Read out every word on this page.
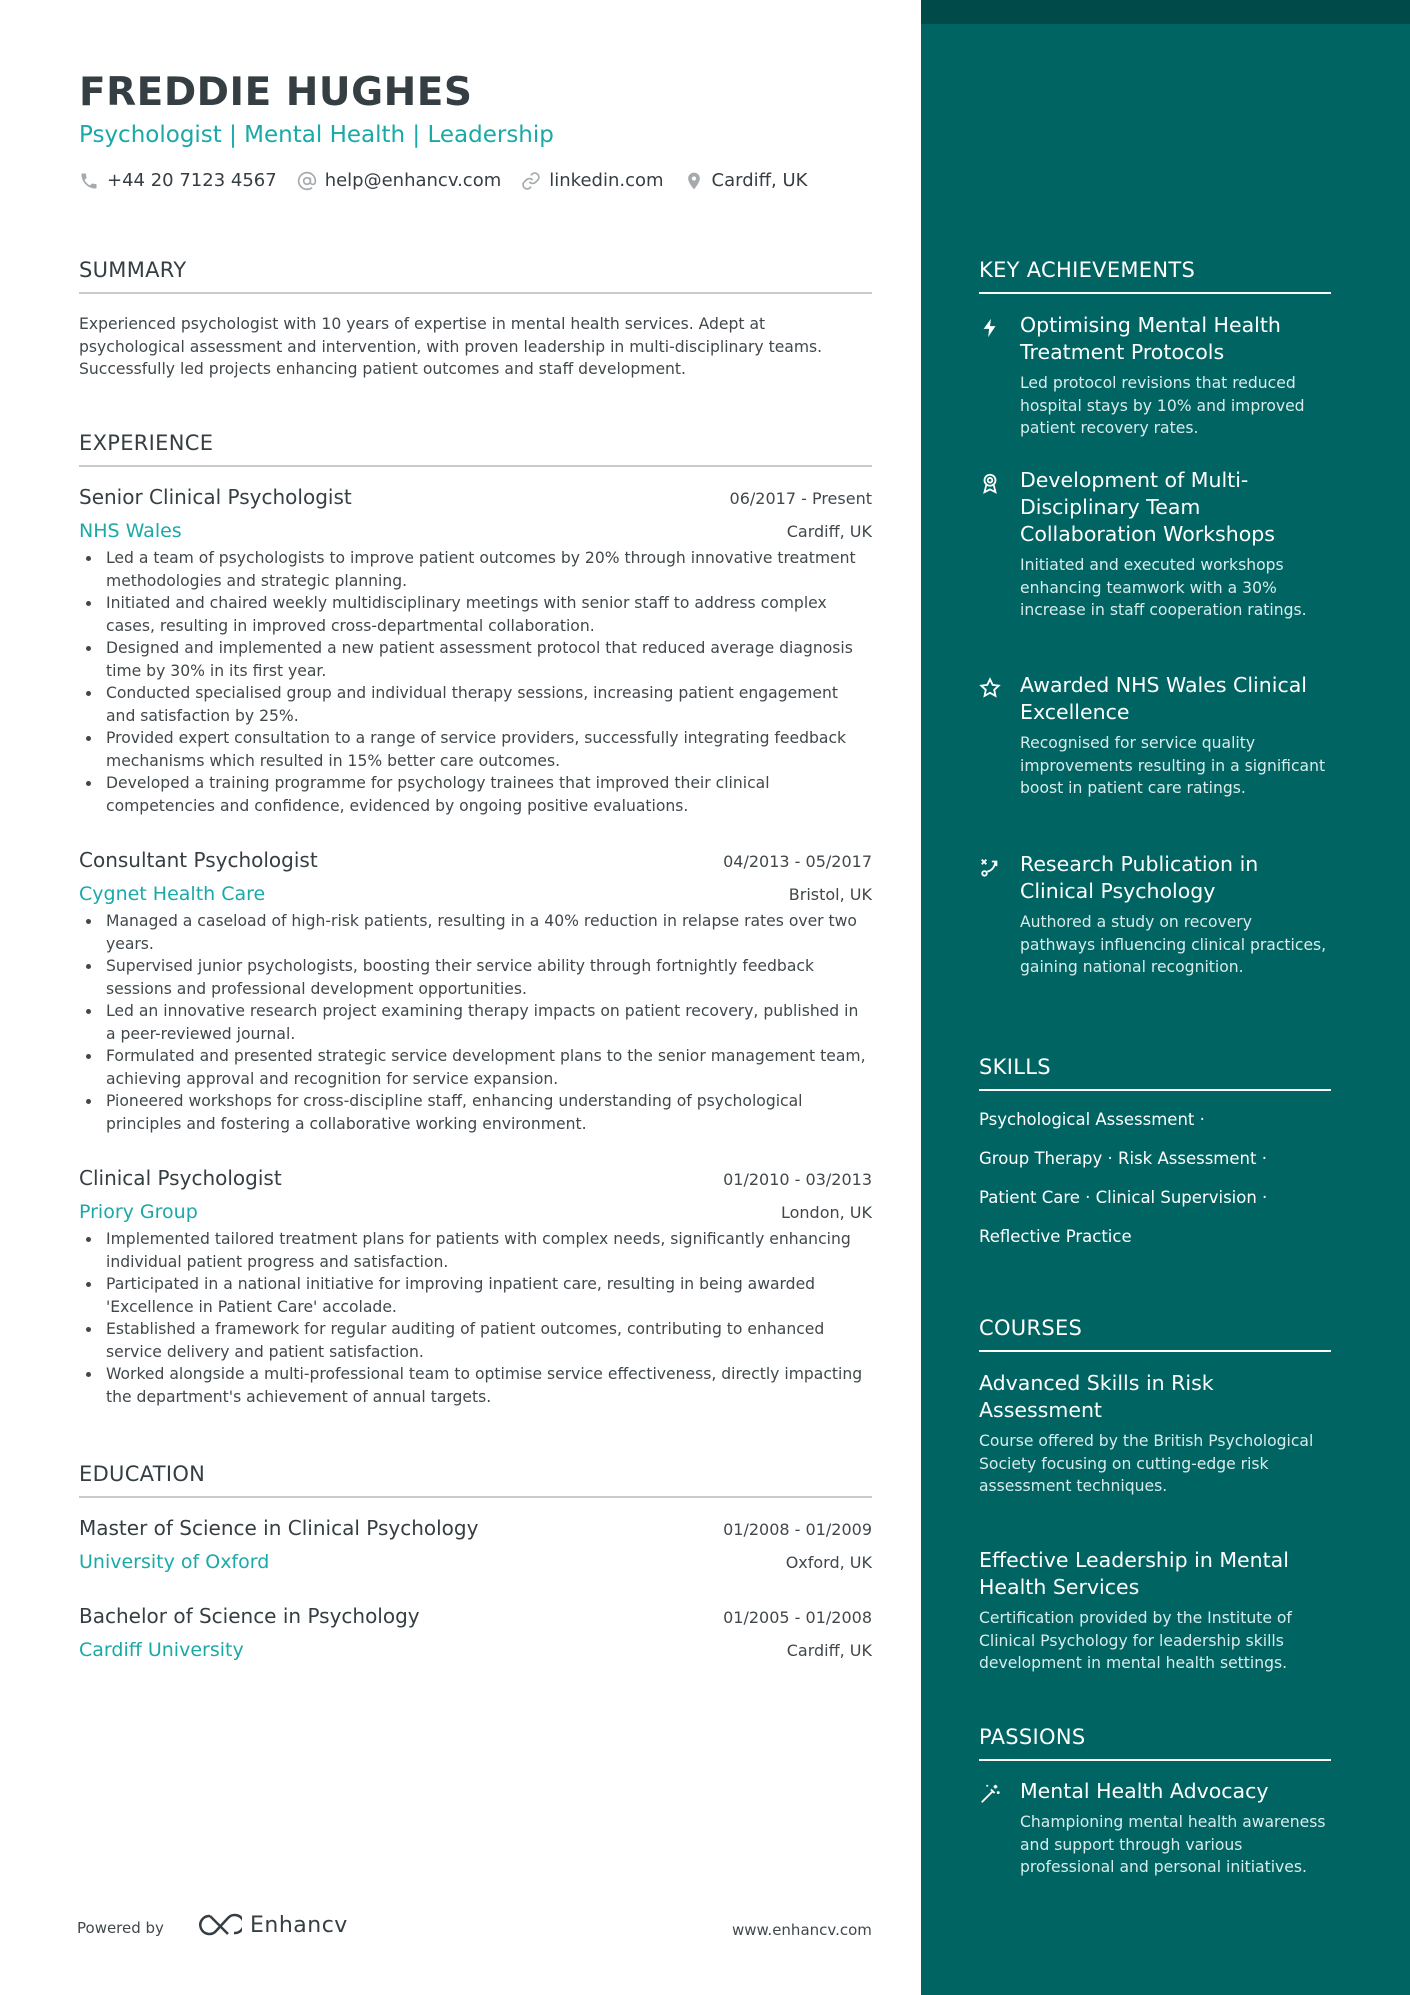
FREDDIE HUGHES
Psychologist | Mental Health | Leadership
+44 20 7123 4567	help@enhancv.com	linkedin.com	Cardiff, UK
SUMMARY
Experienced psychologist with 10 years of expertise in mental health services. Adept at psychological assessment and intervention, with proven leadership in multi-disciplinary teams. Successfully led projects enhancing patient outcomes and staff development.
EXPERIENCE
Senior Clinical Psychologist	06/2017 - Present
NHS Wales	Cardiff, UK
Led a team of psychologists to improve patient outcomes by 20% through innovative treatment methodologies and strategic planning.
Initiated and chaired weekly multidisciplinary meetings with senior staff to address complex cases, resulting in improved cross-departmental collaboration.
Designed and implemented a new patient assessment protocol that reduced average diagnosis time by 30% in its first year.
Conducted specialised group and individual therapy sessions, increasing patient engagement and satisfaction by 25%.
Provided expert consultation to a range of service providers, successfully integrating feedback mechanisms which resulted in 15% better care outcomes.
Developed a training programme for psychology trainees that improved their clinical competencies and confidence, evidenced by ongoing positive evaluations.
Consultant Psychologist	04/2013 - 05/2017
Cygnet Health Care	Bristol, UK
Managed a caseload of high-risk patients, resulting in a 40% reduction in relapse rates over two years.
Supervised junior psychologists, boosting their service ability through fortnightly feedback sessions and professional development opportunities.
Led an innovative research project examining therapy impacts on patient recovery, published in a peer-reviewed journal.
Formulated and presented strategic service development plans to the senior management team, achieving approval and recognition for service expansion.
Pioneered workshops for cross-discipline staff, enhancing understanding of psychological principles and fostering a collaborative working environment.
Clinical Psychologist	01/2010 - 03/2013
Priory Group	London, UK
Implemented tailored treatment plans for patients with complex needs, significantly enhancing individual patient progress and satisfaction.
Participated in a national initiative for improving inpatient care, resulting in being awarded 'Excellence in Patient Care' accolade.
Established a framework for regular auditing of patient outcomes, contributing to enhanced service delivery and patient satisfaction.
Worked alongside a multi-professional team to optimise service effectiveness, directly impacting the department's achievement of annual targets.
EDUCATION
Master of Science in Clinical Psychology	01/2008 - 01/2009
University of Oxford	Oxford, UK
Bachelor of Science in Psychology	01/2005 - 01/2008
Cardiff University	Cardiff, UK
Powered by	Enhancv	www.enhancv.com
KEY ACHIEVEMENTS
Optimising Mental Health Treatment Protocols
Led protocol revisions that reduced hospital stays by 10% and improved patient recovery rates.
Development of Multi-Disciplinary Team Collaboration Workshops
Initiated and executed workshops enhancing teamwork with a 30% increase in staff cooperation ratings.
Awarded NHS Wales Clinical Excellence
Recognised for service quality improvements resulting in a significant boost in patient care ratings.
Research Publication in Clinical Psychology
Authored a study on recovery pathways influencing clinical practices, gaining national recognition.
SKILLS
Psychological Assessment ·
Group Therapy · Risk Assessment ·
Patient Care · Clinical Supervision ·
Reflective Practice
COURSES
Advanced Skills in Risk Assessment
Course offered by the British Psychological Society focusing on cutting-edge risk assessment techniques.
Effective Leadership in Mental Health Services
Certification provided by the Institute of Clinical Psychology for leadership skills development in mental health settings.
PASSIONS
Mental Health Advocacy
Championing mental health awareness and support through various professional and personal initiatives.
